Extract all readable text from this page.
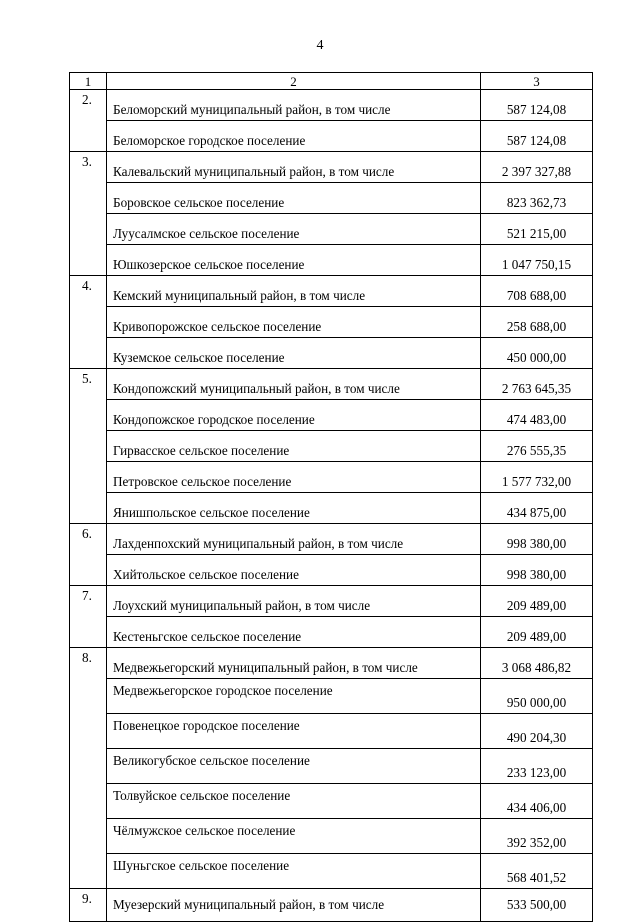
4
1	2	3
2.	Беломорский муниципальный район, в том числе	587 124,08
	Беломорское городское поселение	587 124,08
3.	Калевальский муниципальный район, в том числе	2 397 327,88
	Боровское сельское поселение	823 362,73
	Луусалмское сельское поселение	521 215,00
	Юшкозерское сельское поселение	1 047 750,15
4.	Кемский муниципальный район, в том числе	708 688,00
	Кривопорожское сельское поселение	258 688,00
	Куземское сельское поселение	450 000,00
5.	Кондопожский муниципальный район, в том числе	2 763 645,35
	Кондопожское городское поселение	474 483,00
	Гирвасское сельское поселение	276 555,35
	Петровское сельское поселение	1 577 732,00
	Янишпольское сельское поселение	434 875,00
6.	Лахденпохский муниципальный район, в том числе	998 380,00
	Хийтольское сельское поселение	998 380,00
7.	Лоухский муниципальный район, в том числе	209 489,00
	Кестеньгское сельское поселение	209 489,00
8.	Медвежьегорский муниципальный район, в том числе	3 068 486,82
	Медвежьегорское городское поселение	950 000,00
	Повенецкое городское поселение	490 204,30
	Великогубское сельское поселение	233 123,00
	Толвуйское сельское поселение	434 406,00
	Чёлмужское сельское поселение	392 352,00
	Шуньгское сельское поселение	568 401,52
9.	Муезерский муниципальный район, в том числе	533 500,00
